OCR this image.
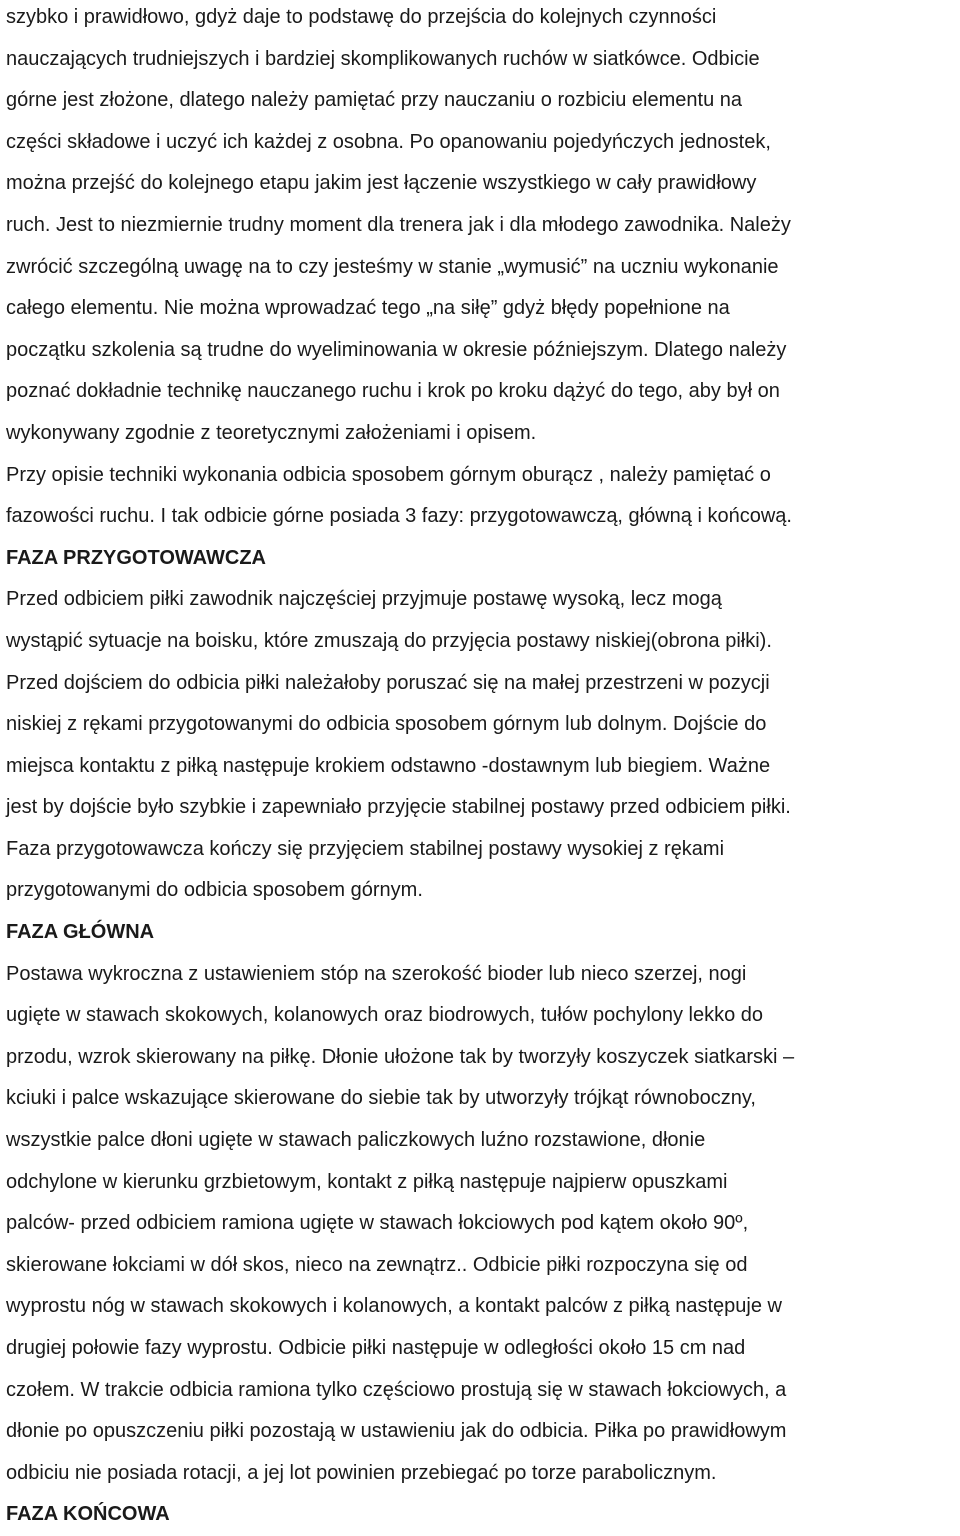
szybko i prawidłowo, gdyż daje to podstawę do przejścia do kolejnych czynności
nauczających trudniejszych i bardziej skomplikowanych ruchów w siatkówce. Odbicie
górne jest złożone, dlatego należy pamiętać przy nauczaniu o rozbiciu elementu na
części składowe i uczyć ich każdej z osobna. Po opanowaniu pojedyńczych jednostek,
można przejść do kolejnego etapu jakim jest łączenie wszystkiego w cały prawidłowy
ruch. Jest to niezmiernie trudny moment dla trenera jak i dla młodego zawodnika. Należy
zwrócić szczególną uwagę na to czy jesteśmy w stanie „wymusić” na uczniu wykonanie
całego elementu. Nie można wprowadzać tego „na siłę” gdyż błędy popełnione na
początku szkolenia są trudne do wyeliminowania w okresie późniejszym. Dlatego należy
poznać dokładnie technikę nauczanego ruchu i krok po kroku dążyć do tego, aby był on
wykonywany zgodnie z teoretycznymi założeniami i opisem.
Przy opisie techniki wykonania odbicia sposobem górnym oburącz , należy pamiętać o
fazowości ruchu. I tak odbicie górne posiada 3 fazy: przygotowawczą, główną i końcową.
FAZA PRZYGOTOWAWCZA
Przed odbiciem piłki zawodnik najczęściej przyjmuje postawę wysoką, lecz mogą
wystąpić sytuacje na boisku, które zmuszają do przyjęcia postawy niskiej(obrona piłki).
Przed dojściem do odbicia piłki należałoby poruszać się na małej przestrzeni w pozycji
niskiej z rękami przygotowanymi do odbicia sposobem górnym lub dolnym. Dojście do
miejsca kontaktu z piłką następuje krokiem odstawno -dostawnym lub biegiem. Ważne
jest by dojście było szybkie i zapewniało przyjęcie stabilnej postawy przed odbiciem piłki.
Faza przygotowawcza kończy się przyjęciem stabilnej postawy wysokiej z rękami
przygotowanymi do odbicia sposobem górnym.
FAZA GŁÓWNA
Postawa wykroczna z ustawieniem stóp na szerokość bioder lub nieco szerzej, nogi
ugięte w stawach skokowych, kolanowych oraz biodrowych, tułów pochylony lekko do
przodu, wzrok skierowany na piłkę. Dłonie ułożone tak by tworzyły koszyczek siatkarski –
kciuki i palce wskazujące skierowane do siebie tak by utworzyły trójkąt równoboczny,
wszystkie palce dłoni ugięte w stawach paliczkowych luźno rozstawione, dłonie
odchylone w kierunku grzbietowym, kontakt z piłką następuje najpierw opuszkami
palców- przed odbiciem ramiona ugięte w stawach łokciowych pod kątem około 90º,
skierowane łokciami w dół skos, nieco na zewnątrz.. Odbicie piłki rozpoczyna się od
wyprostu nóg w stawach skokowych i kolanowych, a kontakt palców z piłką następuje w
drugiej połowie fazy wyprostu. Odbicie piłki następuje w odległości około 15 cm nad
czołem. W trakcie odbicia ramiona tylko częściowo prostują się w stawach łokciowych, a
dłonie po opuszczeniu piłki pozostają w ustawieniu jak do odbicia. Piłka po prawidłowym
odbiciu nie posiada rotacji, a jej lot powinien przebiegać po torze parabolicznym.
FAZA KOŃCOWA
